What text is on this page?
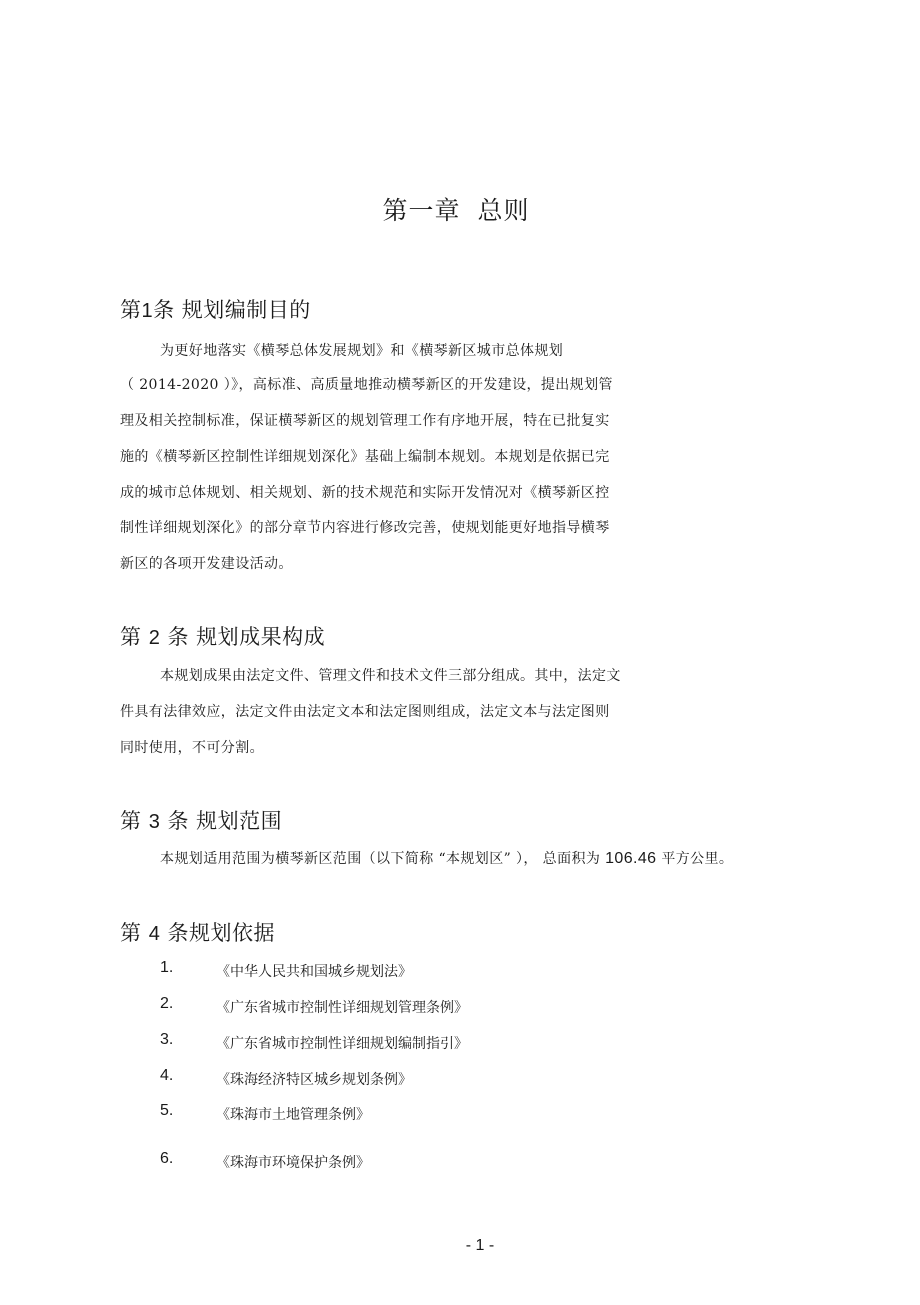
第一章 总则
第1条 规划编制目的
为更好地落实《横琴总体发展规划》和《横琴新区城市总体规划
（ 2014-2020 ）》，高标准、高质量地推动横琴新区的开发建设，提出规划管
理及相关控制标准，保证横琴新区的规划管理工作有序地开展，特在已批复实
施的《横琴新区控制性详细规划深化》基础上编制本规划。本规划是依据已完
成的城市总体规划、相关规划、新的技术规范和实际开发情况对《横琴新区控
制性详细规划深化》的部分章节内容进行修改完善，使规划能更好地指导横琴
新区的各项开发建设活动。
第 2 条 规划成果构成
本规划成果由法定文件、管理文件和技术文件三部分组成。其中，法定文
件具有法律效应，法定文件由法定文本和法定图则组成，法定文本与法定图则
同时使用，不可分割。
第 3 条 规划范围
本规划适用范围为横琴新区范围（以下简称 “本规划区” ）， 总面积为 106.46 平方公里。
第 4 条规划依据
1.	《中华人民共和国城乡规划法》
2.	《广东省城市控制性详细规划管理条例》
3.	《广东省城市控制性详细规划编制指引》
4.	《珠海经济特区城乡规划条例》
5.	《珠海市土地管理条例》
6.	《珠海市环境保护条例》
- 1 -
